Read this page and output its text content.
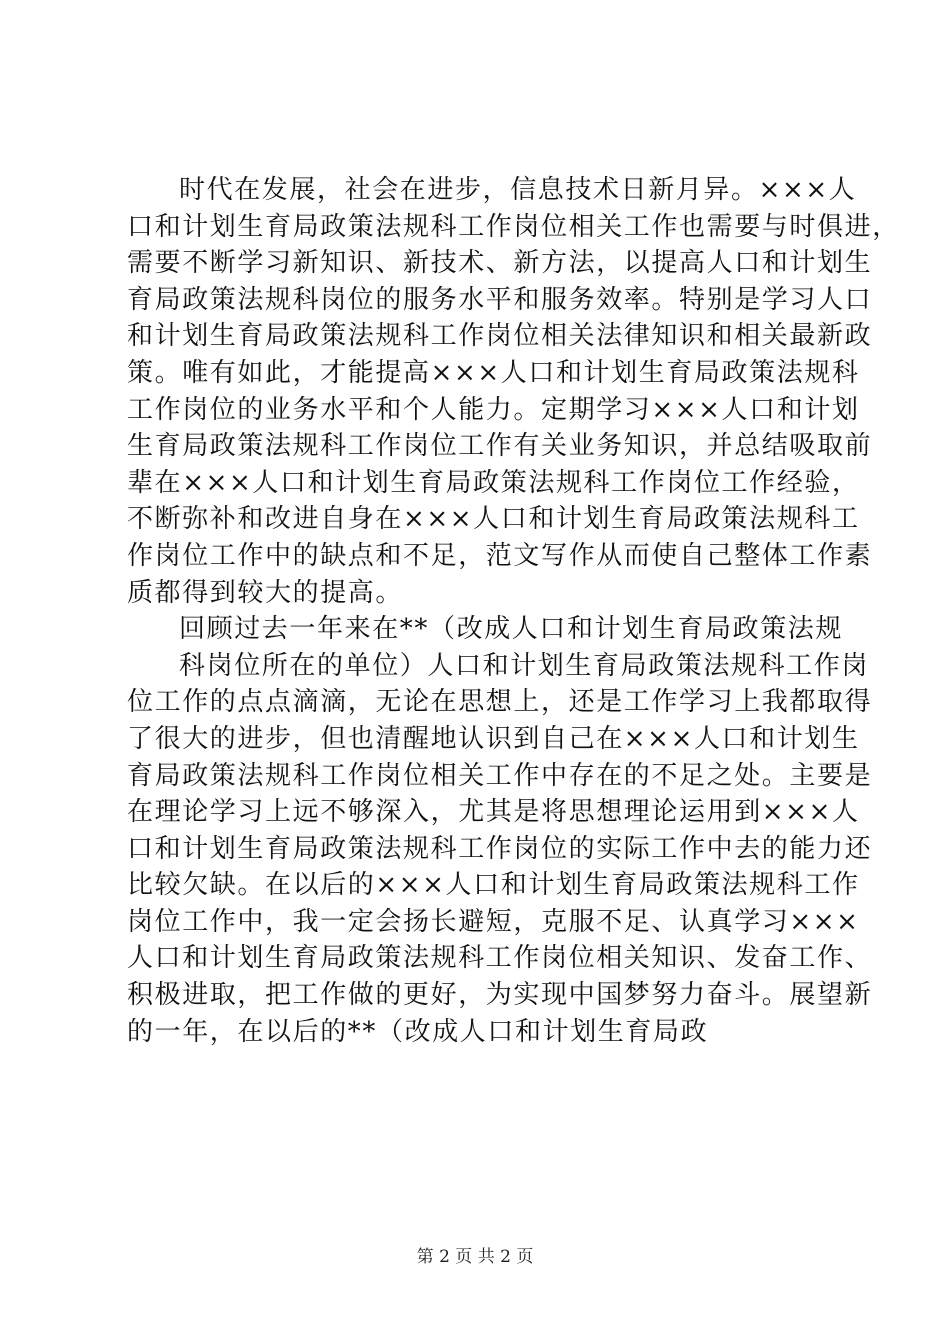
时代在发展，社会在进步，信息技术日新月异。×××人
口和计划生育局政策法规科工作岗位相关工作也需要与时俱进，
需要不断学习新知识、新技术、新方法，以提高人口和计划生
育局政策法规科岗位的服务水平和服务效率。特别是学习人口
和计划生育局政策法规科工作岗位相关法律知识和相关最新政
策。唯有如此，才能提高×××人口和计划生育局政策法规科
工作岗位的业务水平和个人能力。定期学习×××人口和计划
生育局政策法规科工作岗位工作有关业务知识，并总结吸取前
辈在×××人口和计划生育局政策法规科工作岗位工作经验，
不断弥补和改进自身在×××人口和计划生育局政策法规科工
作岗位工作中的缺点和不足，范文写作从而使自己整体工作素
质都得到较大的提高。
回顾过去一年来在**（改成人口和计划生育局政策法规
科岗位所在的单位）人口和计划生育局政策法规科工作岗
位工作的点点滴滴，无论在思想上，还是工作学习上我都取得
了很大的进步，但也清醒地认识到自己在×××人口和计划生
育局政策法规科工作岗位相关工作中存在的不足之处。主要是
在理论学习上远不够深入，尤其是将思想理论运用到×××人
口和计划生育局政策法规科工作岗位的实际工作中去的能力还
比较欠缺。在以后的×××人口和计划生育局政策法规科工作
岗位工作中，我一定会扬长避短，克服不足、认真学习×××
人口和计划生育局政策法规科工作岗位相关知识、发奋工作、
积极进取，把工作做的更好，为实现中国梦努力奋斗。展望新
的一年，在以后的**（改成人口和计划生育局政
第 2 页 共 2 页
